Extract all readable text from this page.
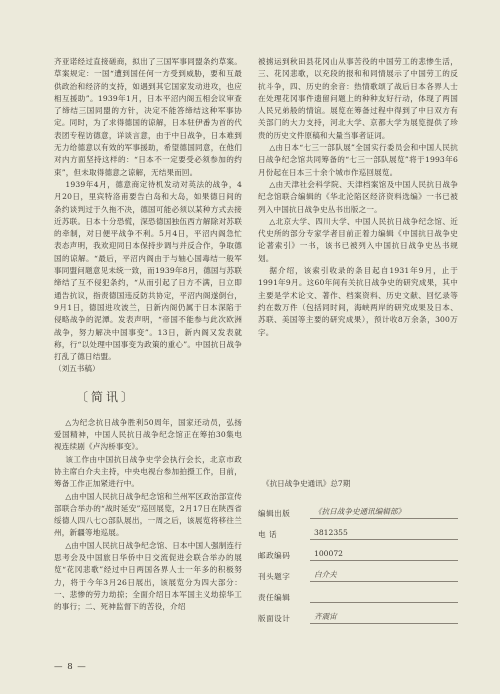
齐亚诺经过直接磋商，拟出了三国军事同盟条约草案。草案规定：一国“遭到国任何一方受到威胁，要和互最供政治和经济的支持，如遇到其它国家发动进攻，也应相互援助”。1939年1月，日本平沼内阁五相会议审查了缔结三国同盟的方针，决定不能答缔结这种军事协定。同时，为了求得德国的谅解，日本驻伊番为首的代表团专程访德意，详谈言意，由于中日战争，日本难到无力给德意以有效的军事援助，希望德国同意，在他们对内方面坚持这样的：“日本不一定要受必须参加的约束”，但未取得德意之谅解，无结果而回。

1939年4月，德意商定待机发动对英法的战争，4月20日，里宾特洛甫要告白岛和大岛，如果德日间的条约谈判过于久拖不决，德国可能必须以某种方式去接近苏联。日本十分恐慌，深恐德国独伍西方解除对苏联的牵制，对日便平战争不利。5月4日，平沼内阁急忙表态声明，我欢迎同日本保持步调与并反合作，争取德国的谅解。“最后，平沼内阁由于与轴心国毒结一般军事同盟问题意见未统一致，而1939年8月，德国与苏联缔结了互不侵犯条约，“从而引起了日方不满，日立即通告抗议，指责德国违反防共协定，平沼内阁遂倒台，9月1日，德国进攻波兰，日新内阁仍属于日本深陷于侵略战争的泥潭。发表声明，“帝国不能参与此次欧洲战争，努力解决中国事变”。13日，新内阁又发表就称，行“以处理中国事变为政策的重心”。中国抗日战争打乱了德日结盟。

（刘五书稿）
〔简讯〕

△为纪念抗日战争胜利50周年，国家还动员，弘扬爱国精神，中国人民抗日战争纪念馆正在筹拍30集电视连续剧《卢沟桥事变》。

该工作由中国抗日战争史学会执行会长，北京市政协主席白介夫主持，中央电视台参加拍摄工作，目前，筹备工作正加紧进行中。

△由中国人民抗日战争纪念馆和兰州军区政治部宣传部联合举办的“战时延安”巡回展览，2月17日在陕西省绥德人四八七○部队展出，一周之后，该展览将移往兰州，新疆等地巡展。

△由中国人民抗日战争纪念馆、日本中国人强制连行思考会及中国旅日华侨中日交流促进会联合举办的展览“花冈悲歌”经过中日两国各界人士一年多的积极努力，将于今年3月26日展出，该展览分为四大部分：一、悲惨的劳力劫掠；全面介绍日本军国主义劫掠华工的事行；二、死神监督下的苦役，介绍

被掳运到秋田县花冈山从事苦役的中国劳工的悲惨生活，三、花冈悲歌，以充段的报和和同情展示了中国劳工的反抗斗争，四、历史的余音：热情歌颂了战后日本各界人士在处理花冈事件遗留问题上的种种友好行动，体现了两国人民兄弟般的情谊。展览在筹备过程中得到了中日双方有关部门的大力支持，河北大学、京都大学为展览提供了珍贵的历史文件原稿和大量当事者证词。

△由日本“七三一部队展”全国实行委员会和中国人民抗日战争纪念馆共同筹备的“七三一部队展览”将于1993年6月份起在日本三十余个城市作巡回展览。

△由天津社会科学院、天津档案馆及中国人民抗日战争纪念馆联合编辑的《华北沦陷区经济资料选编》一书已被列入中国抗日战争史丛书出版之一。

△北京大学、四川大学、中国人民抗日战争纪念馆、近代史所的部分专家学者目前正着力编辑《中国抗日战争史论著索引》一书，该书已被列入中国抗日战争史丛书规划。

据介绍，该索引收录的条目起自1931年9月，止于1991年9月。这60年间有关抗日战争史的研究成果，其中主要是学术论文、著作、档案资料、历史文献、回忆录等约在数万件（包括同时间，海峡两岸的研究成果及日本、苏联、美国等主要的研究成果），预计收8万余条，300万字。

《抗日战争史通讯》总7期
编辑出版	《抗日战争史通讯编辑部》
电 话	3812355
邮政编码	100072
刊头题字	白介夫
责任编辑
版面设计	齐震宙
— 8 —
